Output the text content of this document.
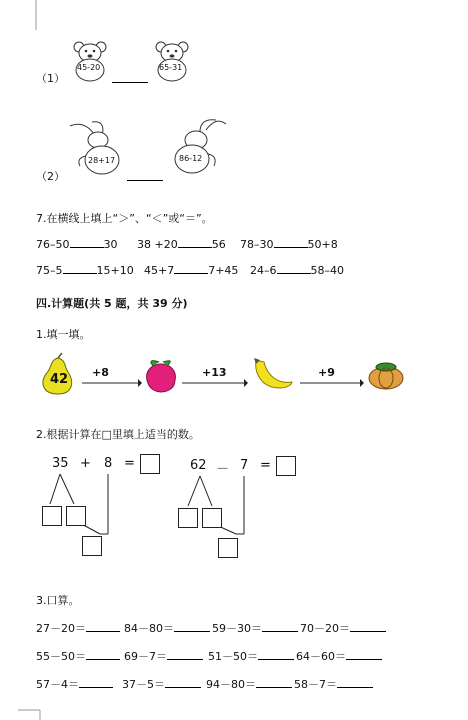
（1）
45-20	65-31
（2）
28+17	86-12
7.在横线上填上“＞”、“＜”或“＝”。
76–50	30 38 +20	56 78–30	50+8
75–5	15+10 45+7	7+45 24–6	58–40
四.计算题(共 5 题，共 39 分)
1.填一填。
42 +8	+13	+9
2.根据计算在□里填上适当的数。
35 + 8 =	62 － 7 =
3.口算。
27－20＝	84－80＝	59－30＝	70－20＝
55－50＝	69－7＝	51－50＝	64－60＝
57－4＝	37－5＝	94－80＝	58－7＝
